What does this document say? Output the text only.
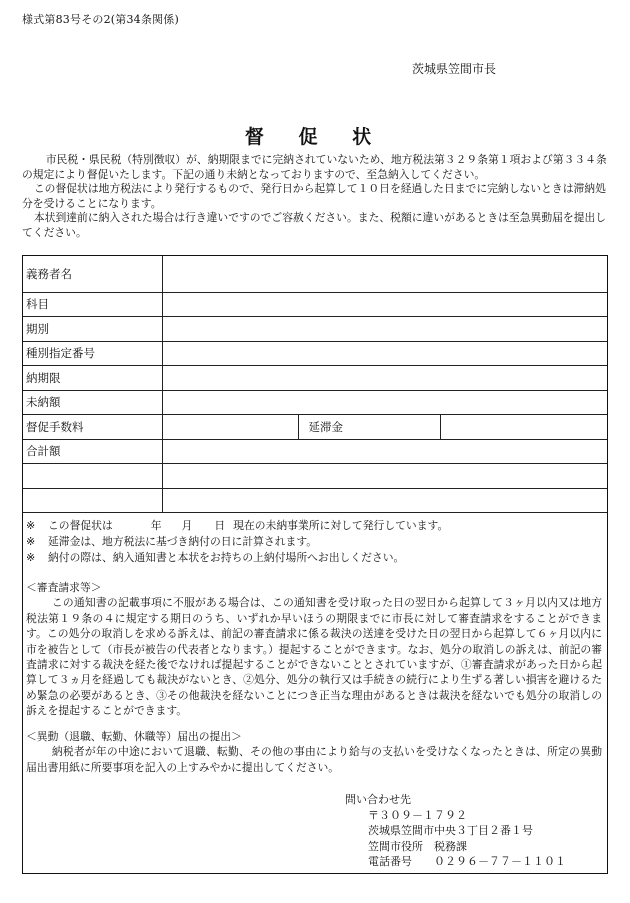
様式第83号その2(第34条関係)
茨城県笠間市長
督 促 状

市民税・県民税（特別徴収）が、納期限までに完納されていないため、地方税法第３２９条第１項および第３３４条の規定により督促いたします。下記の通り未納となっておりますので、至急納入してください。

この督促状は地方税法により発行するもので、発行日から起算して１０日を経過した日までに完納しないときは滞納処分を受けることになります。

本状到達前に納入された場合は行き違いですのでご容赦ください。また、税額に違いがあるときは至急異動届を提出してください。

義務者名			
科目			
期別			
種別指定番号			
納期限			
未納額			
督促手数料		延滞金	
合計額			

※ この督促状は	年 月 日 現在の未納事業所に対して発行しています。
※ 延滞金は、地方税法に基づき納付の日に計算されます。
※ 納付の際は、納入通知書と本状をお持ちの上納付場所へお出しください。
＜審査請求等＞

この通知書の記載事項に不服がある場合は、この通知書を受け取った日の翌日から起算して３ヶ月以内又は地方税法第１９条の４に規定する期日のうち、いずれか早いほうの期限までに市長に対して審査請求をすることができます。この処分の取消しを求める訴えは、前記の審査請求に係る裁決の送達を受けた日の翌日から起算して６ヶ月以内に市を被告として（市長が被告の代表者となります。）提起することができます。なお、処分の取消しの訴えは、前記の審査請求に対する裁決を経た後でなければ提起することができないこととされていますが、①審査請求があった日から起算して３ヵ月を経過しても裁決がないとき、②処分、処分の執行又は手続きの続行により生ずる著しい損害を避けるため緊急の必要があるとき、③その他裁決を経ないことにつき正当な理由があるときは裁決を経ないでも処分の取消しの訴えを提起することができます。

＜異動（退職、転勤、休職等）届出の提出＞

納税者が年の中途において退職、転勤、その他の事由により給与の支払いを受けなくなったときは、所定の異動届出書用紙に所要事項を記入の上すみやかに提出してください。

問い合わせ先
〒３０９－１７９２
茨城県笠間市中央３丁目２番１号
笠間市役所　税務課
電話番号 ０２９６－７７－１１０１
